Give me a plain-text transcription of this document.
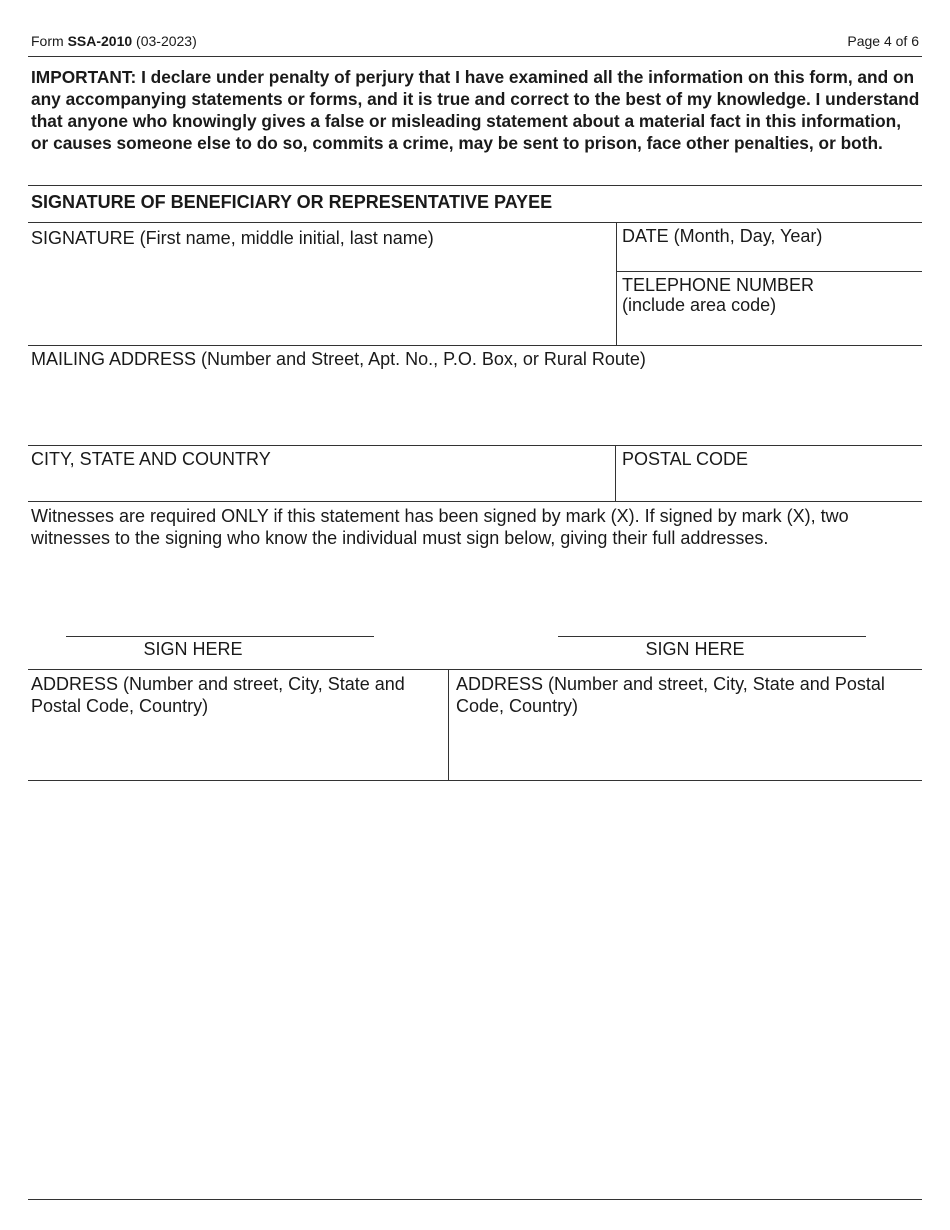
Form SSA-2010 (03-2023)	Page 4 of 6
IMPORTANT: I declare under penalty of perjury that I have examined all the information on this form, and on any accompanying statements or forms, and it is true and correct to the best of my knowledge. I understand that anyone who knowingly gives a false or misleading statement about a material fact in this information, or causes someone else to do so, commits a crime, may be sent to prison, face other penalties, or both.
SIGNATURE OF BENEFICIARY OR REPRESENTATIVE PAYEE
SIGNATURE (First name, middle initial, last name)	DATE (Month, Day, Year)
TELEPHONE NUMBER
(include area code)
MAILING ADDRESS (Number and Street, Apt. No., P.O. Box, or Rural Route)
CITY, STATE AND COUNTRY	POSTAL CODE
Witnesses are required ONLY if this statement has been signed by mark (X). If signed by mark (X), two witnesses to the signing who know the individual must sign below, giving their full addresses.
SIGN HERE	SIGN HERE
ADDRESS (Number and street, City, State and Postal Code, Country)
ADDRESS (Number and street, City, State and Postal Code, Country)
